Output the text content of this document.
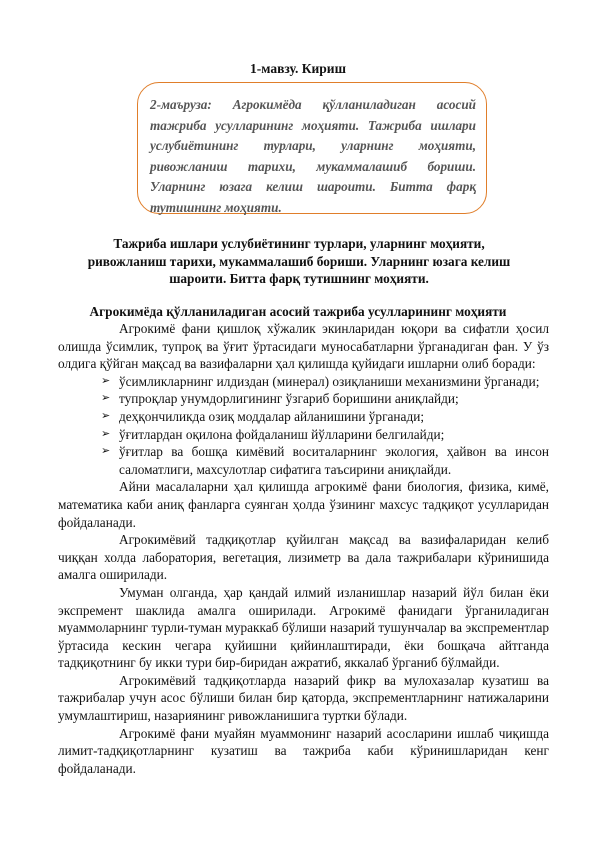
1-мавзу. Кириш
2-маъруза: Агрокимёда қўлланиладиган асосий тажриба усулларининг моҳияти. Тажриба ишлари услубиётининг турлари, уларнинг моҳияти, ривожланиш тарихи, мукаммалашиб бориши. Уларнинг юзага келиш шароити. Битта фарқ тутишнинг моҳияти.
Тажриба ишлари услубиётининг турлари, уларнинг моҳияти, ривожланиш тарихи, мукаммалашиб бориши. Уларнинг юзага келиш шароити. Битта фарқ тутишнинг моҳияти.
Агрокимёда қўлланиладиган асосий тажриба усулларининг моҳияти

Агрокимё фани қишлоқ хўжалик экинларидан юқори ва сифатли ҳосил олишда ўсимлик, тупроқ ва ўғит ўртасидаги муносабатларни ўрганадиган фан. У ўз олдига қўйган мақсад ва вазифаларни ҳал қилишда қуйидаги ишларни олиб боради:

➢ ўсимликларнинг илдиздан (минерал) озиқланиши механизмини ўрганади;
➢ тупроқлар унумдорлигининг ўзгариб боришини аниқлайди;
➢ деҳқончиликда озиқ моддалар айланишини ўрганади;
➢ ўғитлардан оқилона фойдаланиш йўлларини белгилайди;
➢ ўғитлар ва бошқа кимёвий воситаларнинг экология, ҳайвон ва инсон саломатлиги, махсулотлар сифатига таъсирини аниқлайди.

Айни масалаларни ҳал қилишда агрокимё фани биология, физика, кимё, математика каби аниқ фанларга суянган ҳолда ўзининг махсус тадқиқот усулларидан фойдаланади.

Агрокимёвий тадқиқотлар қуйилган мақсад ва вазифаларидан келиб чиққан холда лаборатория, вегетация, лизиметр ва дала тажрибалари кўринишида амалга оширилади.

Умуман олганда, ҳар қандай илмий изланишлар назарий йўл билан ёки экспремент шаклида амалга оширилади. Агрокимё фанидаги ўрганиладиган муаммоларнинг турли-туман мураккаб бўлиши назарий тушунчалар ва экспрементлар ўртасида кескин чегара қуйишни қийинлаштиради, ёки бошқача айтганда тадқиқотнинг бу икки тури бир-биридан ажратиб, яккалаб ўрганиб бўлмайди.

Агрокимёвий тадқиқотларда назарий фикр ва мулохазалар кузатиш ва тажрибалар учун асос бўлиши билан бир қаторда, экспрементларнинг натижаларини умумлаштириш, назариянинг ривожланишига туртки бўлади.

Агрокимё фани муайян муаммонинг назарий асосларини ишлаб чиқишда лимит-тадқиқотларнинг кузатиш ва тажриба каби кўринишларидан кенг фойдаланади.
